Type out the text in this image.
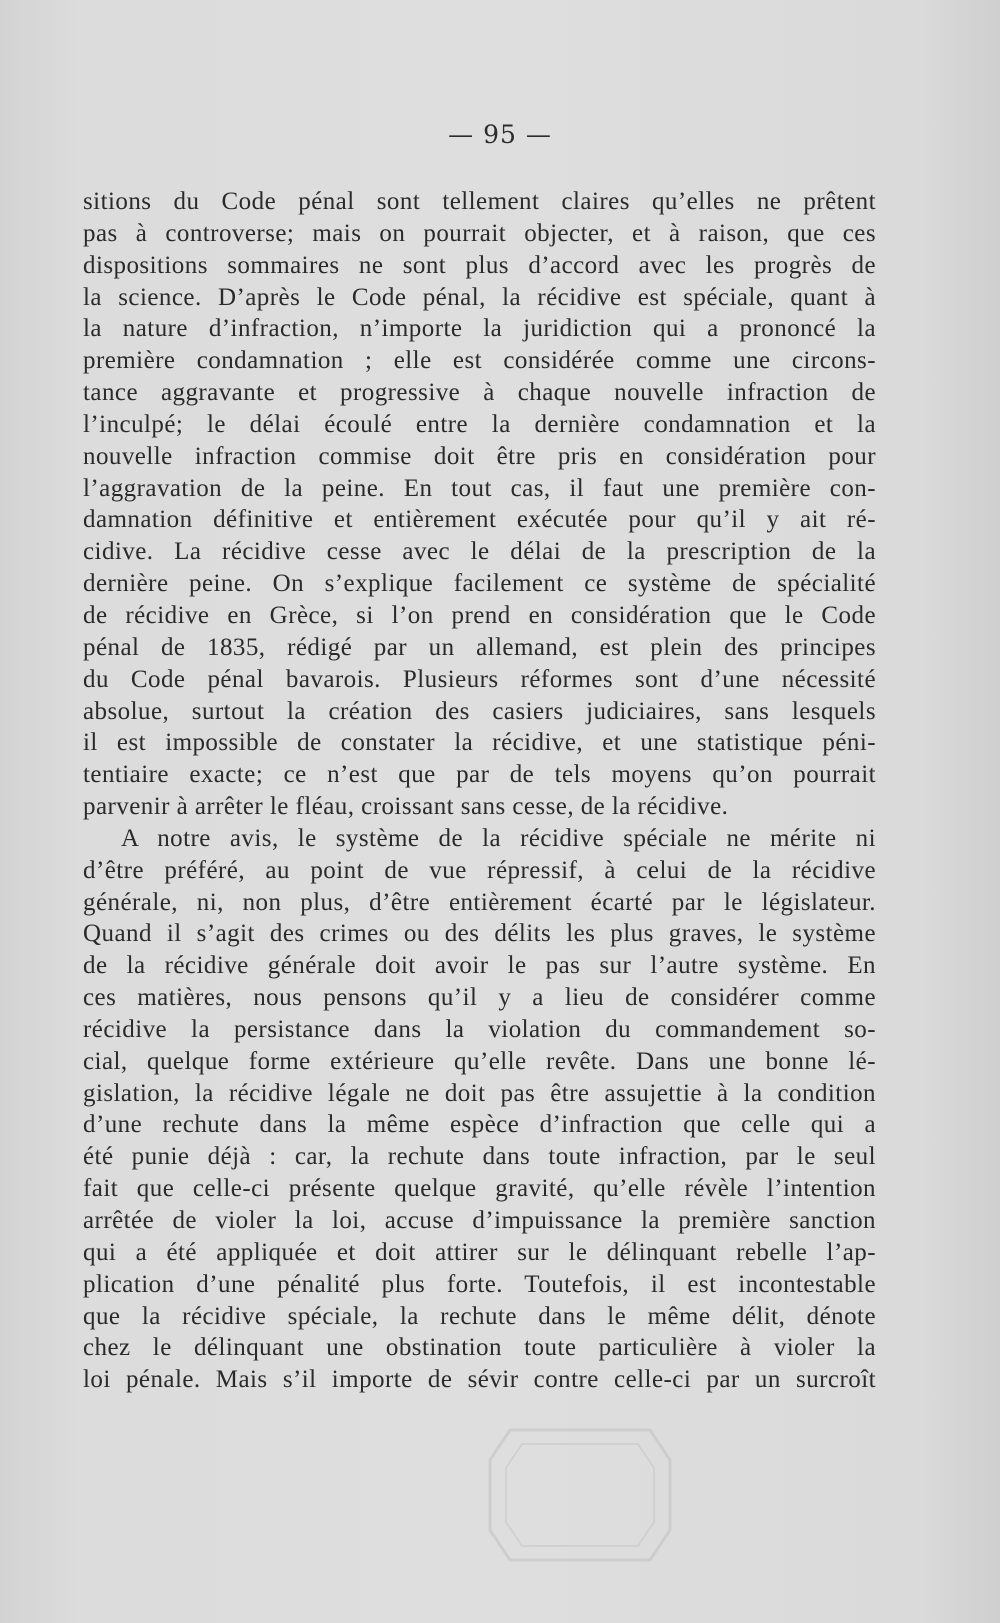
— 95 —
sitions du Code pénal sont tellement claires qu’elles ne prêtent
pas à controverse; mais on pourrait objecter, et à raison, que ces
dispositions sommaires ne sont plus d’accord avec les progrès de
la science. D’après le Code pénal, la récidive est spéciale, quant à
la nature d’infraction, n’importe la juridiction qui a prononcé la
première condamnation ; elle est considérée comme une circons-
tance aggravante et progressive à chaque nouvelle infraction de
l’inculpé; le délai écoulé entre la dernière condamnation et la
nouvelle infraction commise doit être pris en considération pour
l’aggravation de la peine. En tout cas, il faut une première con-
damnation définitive et entièrement exécutée pour qu’il y ait ré-
cidive. La récidive cesse avec le délai de la prescription de la
dernière peine. On s’explique facilement ce système de spécialité
de récidive en Grèce, si l’on prend en considération que le Code
pénal de 1835, rédigé par un allemand, est plein des principes
du Code pénal bavarois. Plusieurs réformes sont d’une nécessité
absolue, surtout la création des casiers judiciaires, sans lesquels
il est impossible de constater la récidive, et une statistique péni-
tentiaire exacte; ce n’est que par de tels moyens qu’on pourrait
parvenir à arrêter le fléau, croissant sans cesse, de la récidive.
A notre avis, le système de la récidive spéciale ne mérite ni
d’être préféré, au point de vue répressif, à celui de la récidive
générale, ni, non plus, d’être entièrement écarté par le législateur.
Quand il s’agit des crimes ou des délits les plus graves, le système
de la récidive générale doit avoir le pas sur l’autre système. En
ces matières, nous pensons qu’il y a lieu de considérer comme
récidive la persistance dans la violation du commandement so-
cial, quelque forme extérieure qu’elle revête. Dans une bonne lé-
gislation, la récidive légale ne doit pas être assujettie à la condition
d’une rechute dans la même espèce d’infraction que celle qui a
été punie déjà : car, la rechute dans toute infraction, par le seul
fait que celle-ci présente quelque gravité, qu’elle révèle l’intention
arrêtée de violer la loi, accuse d’impuissance la première sanction
qui a été appliquée et doit attirer sur le délinquant rebelle l’ap-
plication d’une pénalité plus forte. Toutefois, il est incontestable
que la récidive spéciale, la rechute dans le même délit, dénote
chez le délinquant une obstination toute particulière à violer la
loi pénale. Mais s’il importe de sévir contre celle-ci par un surcroît
